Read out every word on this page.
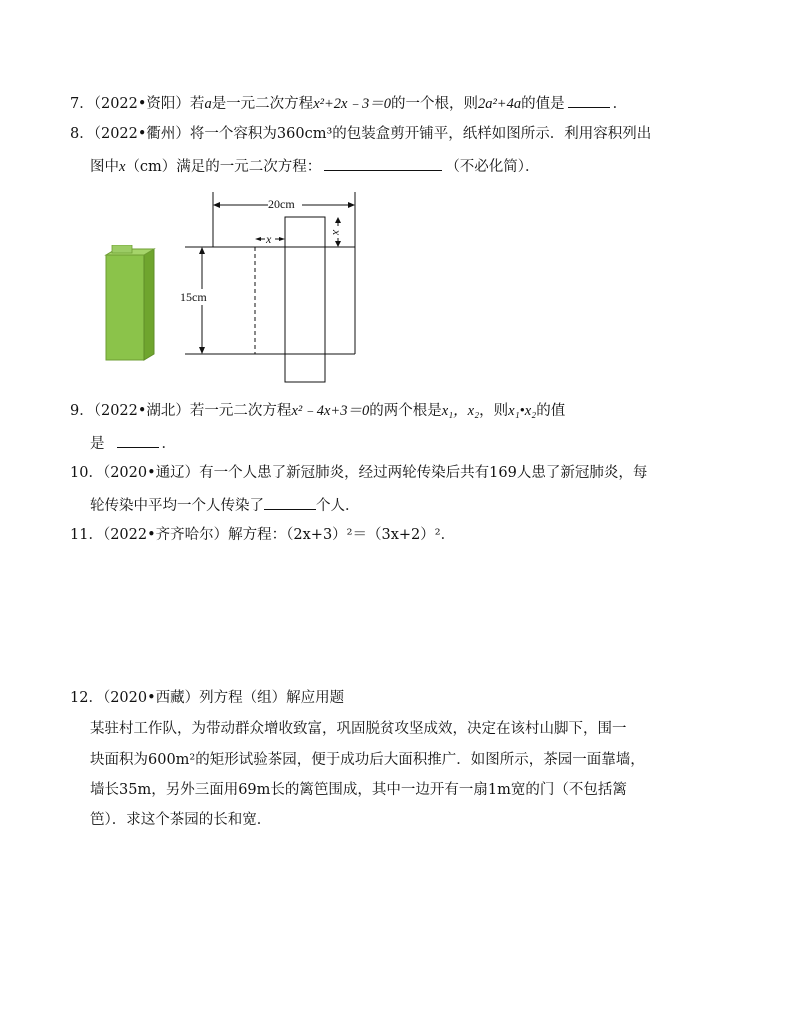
7．（2022•资阳）若a是一元二次方程x²+2x﹣3＝0的一个根，则2a²+4a的值是	．
8．（2022•衢州）将一个容积为360cm³的包装盒剪开铺平，纸样如图所示．利用容积列出
图中x（cm）满足的一元二次方程：	（不必化简）．
20cm
15cm
x	x
9．（2022•湖北）若一元二次方程x²﹣4x+3＝0的两个根是x₁，x₂，则x₁•x₂的值
是	．
10．（2020•通辽）有一个人患了新冠肺炎，经过两轮传染后共有169人患了新冠肺炎，每
轮传染中平均一个人传染了	个人．
11．（2022•齐齐哈尔）解方程：（2x+3）²＝（3x+2）²．
12．（2020•西藏）列方程（组）解应用题
某驻村工作队，为带动群众增收致富，巩固脱贫攻坚成效，决定在该村山脚下，围一
块面积为600m²的矩形试验茶园，便于成功后大面积推广．如图所示，茶园一面靠墙，
墙长35m，另外三面用69m长的篱笆围成，其中一边开有一扇1m宽的门（不包括篱
笆）．求这个茶园的长和宽．
